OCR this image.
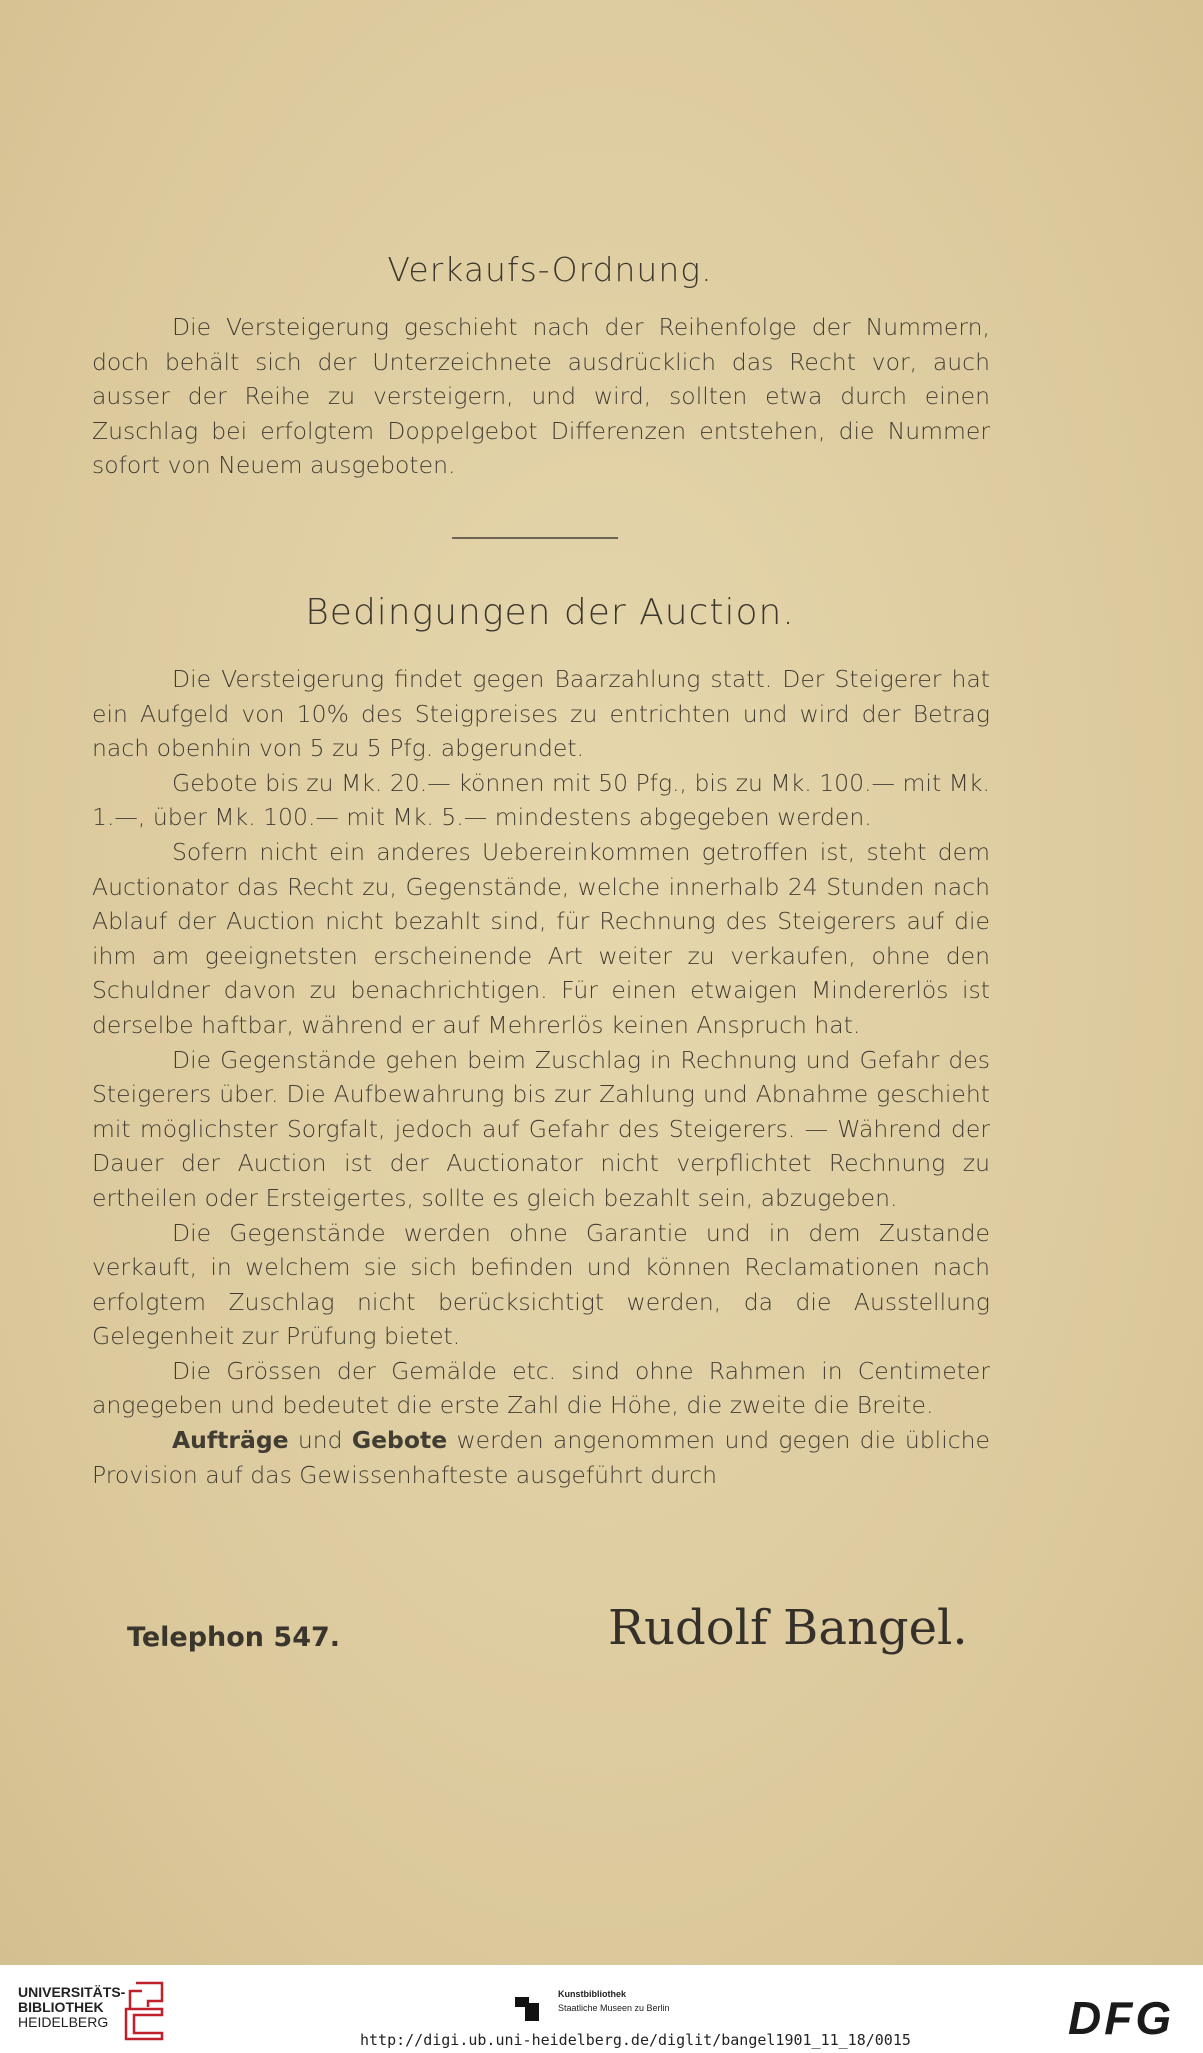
Verkaufs-Ordnung.

Die Versteigerung geschieht nach der Reihenfolge der Nummern, doch behält sich der Unterzeichnete ausdrücklich das Recht vor, auch ausser der Reihe zu versteigern, und wird, sollten etwa durch einen Zuschlag bei erfolgtem Doppelgebot Differenzen entstehen, die Nummer sofort von Neuem ausgeboten.

Bedingungen der Auction.

Die Versteigerung findet gegen Baarzahlung statt. Der Steigerer hat ein Aufgeld von 10% des Steigpreises zu entrichten und wird der Betrag nach obenhin von 5 zu 5 Pfg. abgerundet.

Gebote bis zu Mk. 20.— können mit 50 Pfg., bis zu Mk. 100.— mit Mk. 1.—, über Mk. 100.— mit Mk. 5.— mindestens abgegeben werden.

Sofern nicht ein anderes Uebereinkommen getroffen ist, steht dem Auctionator das Recht zu, Gegenstände, welche innerhalb 24 Stunden nach Ablauf der Auction nicht bezahlt sind, für Rechnung des Steigerers auf die ihm am geeignetsten erscheinende Art weiter zu verkaufen, ohne den Schuldner davon zu benachrichtigen. Für einen etwaigen Mindererlös ist derselbe haftbar, während er auf Mehrerlös keinen Anspruch hat.

Die Gegenstände gehen beim Zuschlag in Rechnung und Gefahr des Steigerers über. Die Aufbewahrung bis zur Zahlung und Abnahme geschieht mit möglichster Sorgfalt, jedoch auf Gefahr des Steigerers. — Während der Dauer der Auction ist der Auctionator nicht verpflichtet Rechnung zu ertheilen oder Ersteigertes, sollte es gleich bezahlt sein, abzugeben.

Die Gegenstände werden ohne Garantie und in dem Zustande verkauft, in welchem sie sich befinden und können Reclamationen nach erfolgtem Zuschlag nicht berücksichtigt werden, da die Ausstellung Gelegenheit zur Prüfung bietet.

Die Grössen der Gemälde etc. sind ohne Rahmen in Centimeter angegeben und bedeutet die erste Zahl die Höhe, die zweite die Breite.

Aufträge und Gebote werden angenommen und gegen die übliche Provision auf das Gewissenhafteste ausgeführt durch

Telephon 547.	Rudolf Bangel.
UNIVERSITÄTS-
BIBLIOTHEK
HEIDELBERG
Kunstbibliothek
Staatliche Museen zu Berlin	DFG
http://digi.ub.uni-heidelberg.de/diglit/bangel1901_11_18/0015
